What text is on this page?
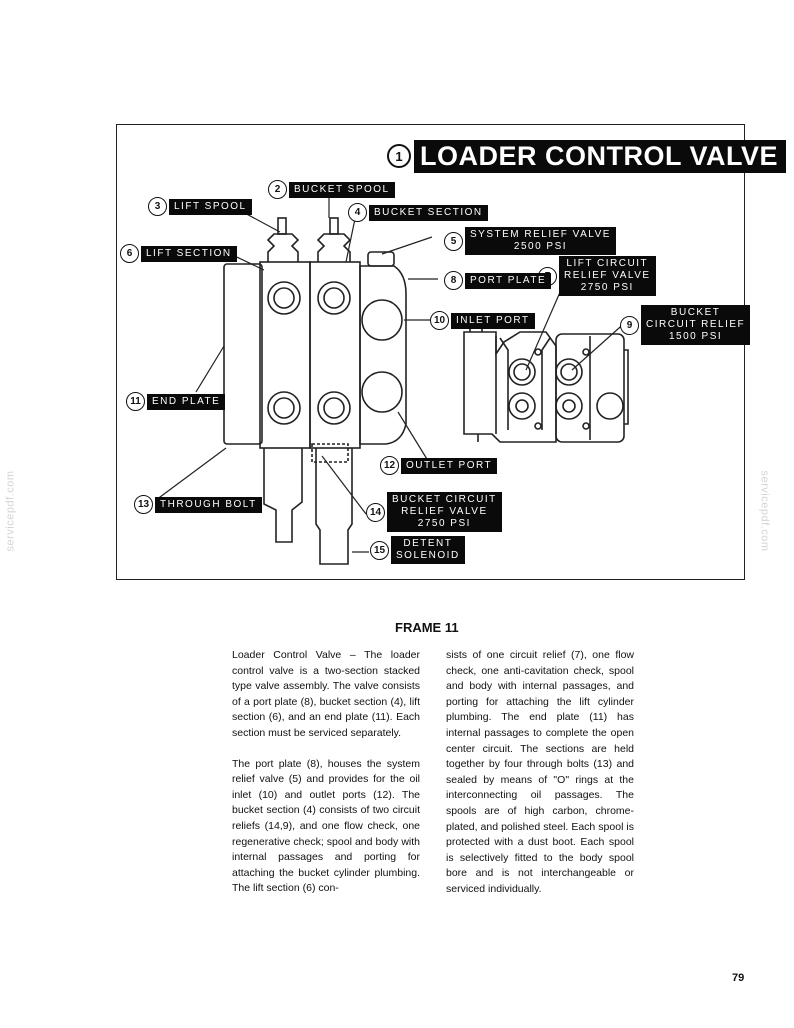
1 LOADER CONTROL VALVE
2	BUCKET SPOOL
3	LIFT SPOOL
4	BUCKET SECTION
5
SYSTEM RELIEF VALVE
2500 PSI
6	LIFT SECTION
LIFT CIRCUIT
RELIEF VALVE
2750 PSI
8	PORT PLATE
9
BUCKET
CIRCUIT RELIEF
1500 PSI
10	INLET PORT
11	END PLATE
12	OUTLET PORT
13	THROUGH BOLT
14
BUCKET CIRCUIT
RELIEF VALVE
2750 PSI
15
DETENT
SOLENOID
FRAME 11

Loader Control Valve – The loader control valve is a two-section stacked type valve assembly. The valve consists of a port plate (8), bucket section (4), lift section (6), and an end plate (11). Each section must be serviced separately.

The port plate (8), houses the system relief valve (5) and provides for the oil inlet (10) and outlet ports (12). The bucket section (4) consists of two circuit reliefs (14,9), and one flow check, one regenerative check; spool and body with internal passages and porting for attaching the bucket cylinder plumbing. The lift section (6) con-

sists of one circuit relief (7), one flow check, one anti-cavitation check, spool and body with internal passages, and porting for attaching the lift cylinder plumbing. The end plate (11) has internal passages to complete the open center circuit. The sections are held together by four through bolts (13) and sealed by means of "O" rings at the interconnecting oil passages. The spools are of high carbon, chrome-plated, and polished steel. Each spool is protected with a dust boot. Each spool is selectively fitted to the body spool bore and is not interchangeable or serviced individually.

79
servicepdf.com	servicepdf.com
